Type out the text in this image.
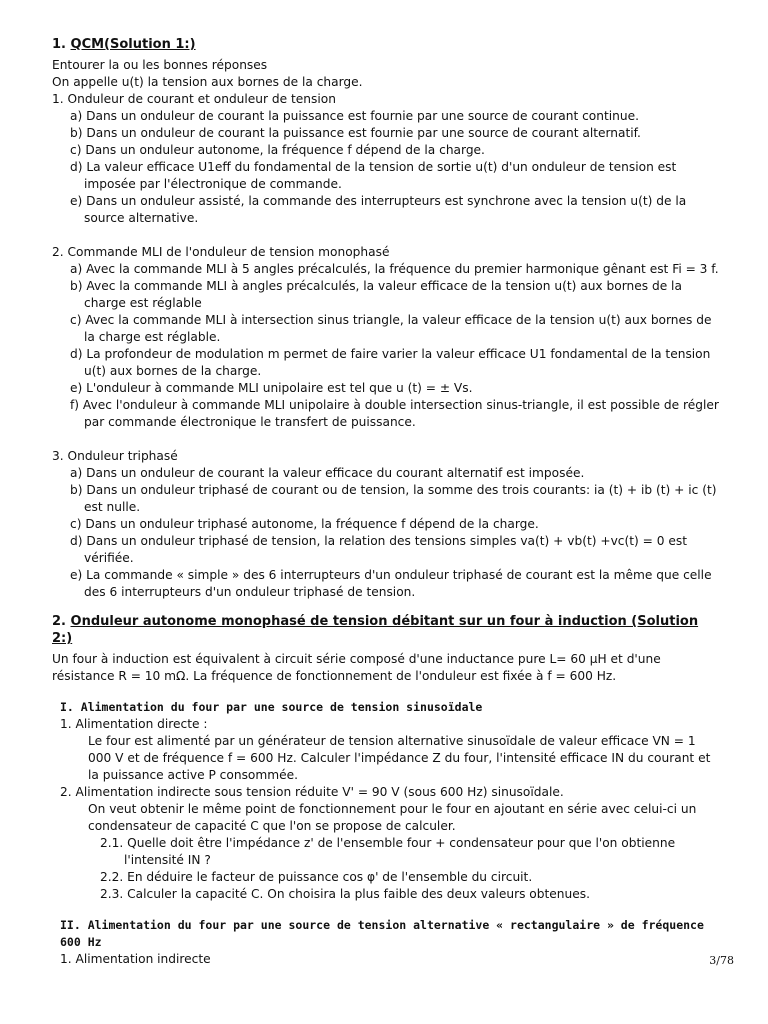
1. QCM(Solution 1:)

Entourer la ou les bonnes réponses

On appelle u(t) la tension aux bornes de la charge.

1. Onduleur de courant et onduleur de tension

a) Dans un onduleur de courant la puissance est fournie par une source de courant continue.

b) Dans un onduleur de courant la puissance est fournie par une source de courant alternatif.

c) Dans un onduleur autonome, la fréquence f dépend de la charge.

d) La valeur efficace U1eff du fondamental de la tension de sortie u(t) d'un onduleur de tension est imposée par l'électronique de commande.

e) Dans un onduleur assisté, la commande des interrupteurs est synchrone avec la tension u(t) de la source alternative.

2. Commande MLI de l'onduleur de tension monophasé

a) Avec la commande MLI à 5 angles précalculés, la fréquence du premier harmonique gênant est Fi = 3 f.

b) Avec la commande MLI à angles précalculés, la valeur efficace de la tension u(t) aux bornes de la charge est réglable

c) Avec la commande MLI à intersection sinus triangle, la valeur efficace de la tension u(t) aux bornes de la charge est réglable.

d) La profondeur de modulation m permet de faire varier la valeur efficace U1 fondamental de la tension u(t) aux bornes de la charge.

e) L'onduleur à commande MLI unipolaire est tel que u (t) = ± Vs.

f) Avec l'onduleur à commande MLI unipolaire à double intersection sinus-triangle, il est possible de régler par commande électronique le transfert de puissance.

3. Onduleur triphasé

a) Dans un onduleur de courant la valeur efficace du courant alternatif est imposée.

b) Dans un onduleur triphasé de courant ou de tension, la somme des trois courants: ia (t) + ib (t) + ic (t) est nulle.

c) Dans un onduleur triphasé autonome, la fréquence f dépend de la charge.

d) Dans un onduleur triphasé de tension, la relation des tensions simples va(t) + vb(t) +vc(t) = 0 est vérifiée.

e) La commande « simple » des 6 interrupteurs d'un onduleur triphasé de courant est la même que celle des 6 interrupteurs d'un onduleur triphasé de tension.

2. Onduleur autonome monophasé de tension débitant sur un four à induction (Solution 2:)

Un four à induction est équivalent à circuit série composé d'une inductance pure L= 60 µH et d'une résistance R = 10 mΩ. La fréquence de fonctionnement de l'onduleur est fixée à f = 600 Hz.

I. Alimentation du four par une source de tension sinusoïdale

1. Alimentation directe :

Le four est alimenté par un générateur de tension alternative sinusoïdale de valeur efficace VN = 1 000 V et de fréquence f = 600 Hz. Calculer l'impédance Z du four, l'intensité efficace IN du courant et la puissance active P consommée.

2. Alimentation indirecte sous tension réduite V' = 90 V (sous 600 Hz) sinusoïdale.

On veut obtenir le même point de fonctionnement pour le four en ajoutant en série avec celui-ci un condensateur de capacité C que l'on se propose de calculer.

2.1. Quelle doit être l'impédance z' de l'ensemble four + condensateur pour que l'on obtienne l'intensité IN ?

2.2. En déduire le facteur de puissance cos φ' de l'ensemble du circuit.

2.3. Calculer la capacité C. On choisira la plus faible des deux valeurs obtenues.

II. Alimentation du four par une source de tension alternative « rectangulaire » de fréquence 600 Hz

1. Alimentation indirecte	3/78
